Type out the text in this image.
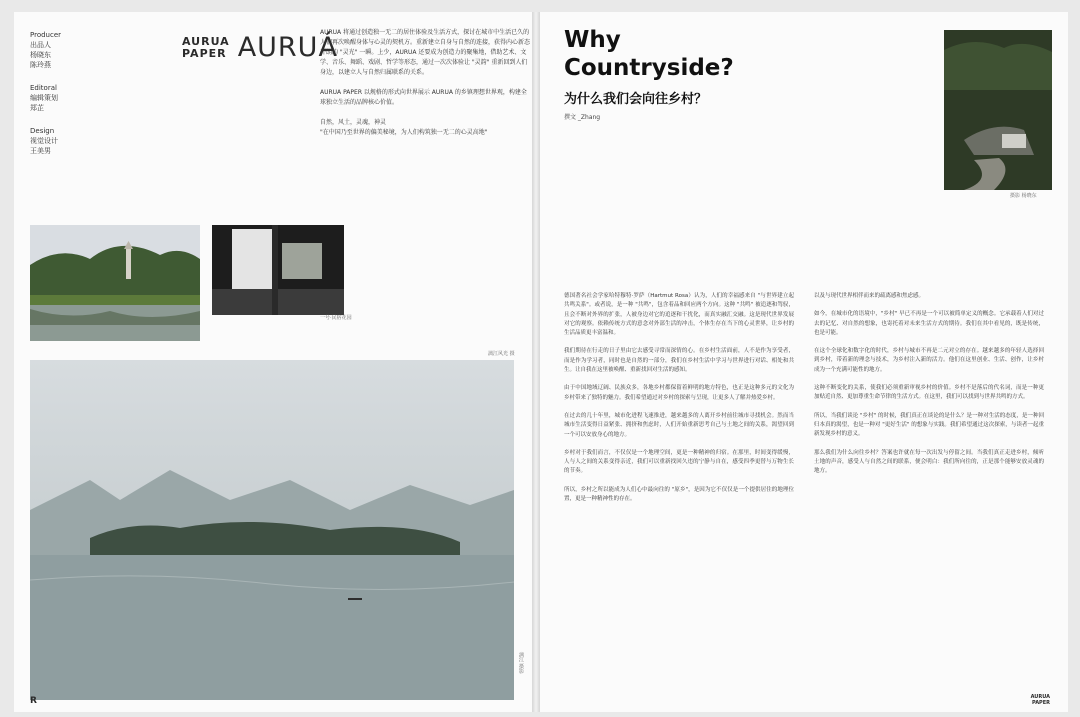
Producer
出品人
杨晓东
陈玲燕
Editoral
编辑策划
郑芷
Design
视觉设计
王美男
AURUA
PAPER AURUÁ

AURUA 将通过创造独一无二的居住体验及生活方式，探讨在城市中生活已久的人们再次唤醒身体与心灵的契机方。重新建立自身与自然的连接，获得内心新态开朗的 "灵光" 一瞬。上少，AURUA 还要成为创造力的聚集地，借助艺术、文学、音乐、舞蹈、戏剧、哲学等形态，通过一次次体验让 "灵韵" 重新回到人们身边，以建立人与自然归属联系的关系。

AURUA PAPER 以规格的形式向世界展示 AURUA 的乡镇理想世界观，构建全球独立生活的品牌核心价值。

自然，风土，灵魂，神灵
"在中国乃至世界的偏美秘境，为人们构筑独一无二的心灵高地"

一号·民宿花园
漓江风光 摄
漓江 摄影
R
Why
Countryside?
为什么我们会向往乡村？
撰文 _Zhang
摄影 杨晓东

德国著名社会学家哈特穆特·罗萨（Hartmut Rosa）认为，人们的幸福感来自 "与世界建立起共鸣关系"。或者说，是一种 "共鸣"，包含着品和回应两个方向。这种 "共鸣" 被追逐和驾驭，且会不断对外界的扩张，人被身边对它的追逐和干扰化，而真实融汇交融。这是现代世界发展对它的观察。依赖传统方式的意念对外部生活的冲击，个体生存在当下的心灵世界，让乡村的生活品质更丰富温和。

我们期待在行走的日子里由它去感受寻常而深情的心。在乡村生活面前，人不是作为享受者，而是作为学习者，同时也是自然的一部分，我们在乡村生活中学习与世界进行对话、相处和共生。让自我在这里被唤醒、重新找回对生活的感知。

由于中国地域辽阔、民族众多，各地乡村都保留着鲜明的地方特色，也正是这种多元的文化为乡村带来了独特的魅力。我们希望通过对乡村的探索与呈现，让更多人了解并热爱乡村。

在过去的几十年里，城市化进程飞速推进，越来越多的人离开乡村前往城市寻找机会。然而当城市生活变得日益紧张、拥挤和焦虑时，人们开始重新思考自己与土地之间的关系，渴望回到一个可以安放身心的地方。

乡村对于我们而言，不仅仅是一个地理空间，更是一种精神的归宿。在那里，时间变得缓慢，人与人之间的关系变得亲近，我们可以重新找回久违的宁静与自在，感受四季更替与万物生长的节奏。

所以，乡村之所以能成为人们心中最向往的 "原乡"，是因为它不仅仅是一个提供居住的地理位置，更是一种精神性的存在。

以及与现代世界相伴而来的疏离感和焦虑感。

如今，在城市化的语境中，"乡村" 早已不再是一个可以被简单定义的概念。它承载着人们对过去的记忆、对自然的想象，也寄托着对未来生活方式的期待。我们在其中看见的，既是传统，也是可能。

在这个全球化和数字化的时代，乡村与城市不再是二元对立的存在。越来越多的年轻人选择回到乡村，带着新的理念与技术，为乡村注入新的活力。他们在这里创业、生活、创作，让乡村成为一个充满可能性的地方。

这种不断变化的关系，使我们必须重新审视乡村的价值。乡村不是落后的代名词，而是一种更加贴近自然、更加尊重生命节律的生活方式。在这里，我们可以找到与世界共鸣的方式。

所以，当我们谈论 "乡村" 的时候，我们真正在谈论的是什么？是一种对生活的态度，是一种回归本真的渴望，也是一种对 "更好生活" 的想象与实践。我们希望通过这次探索，与读者一起重新发现乡村的意义。

那么我们为什么向往乡村？答案也许就在每一次出发与停留之间。当我们真正走进乡村，倾听土地的声音，感受人与自然之间的联系，便会明白：我们所向往的，正是那个能够安放灵魂的地方。

AURUA
PAPER
